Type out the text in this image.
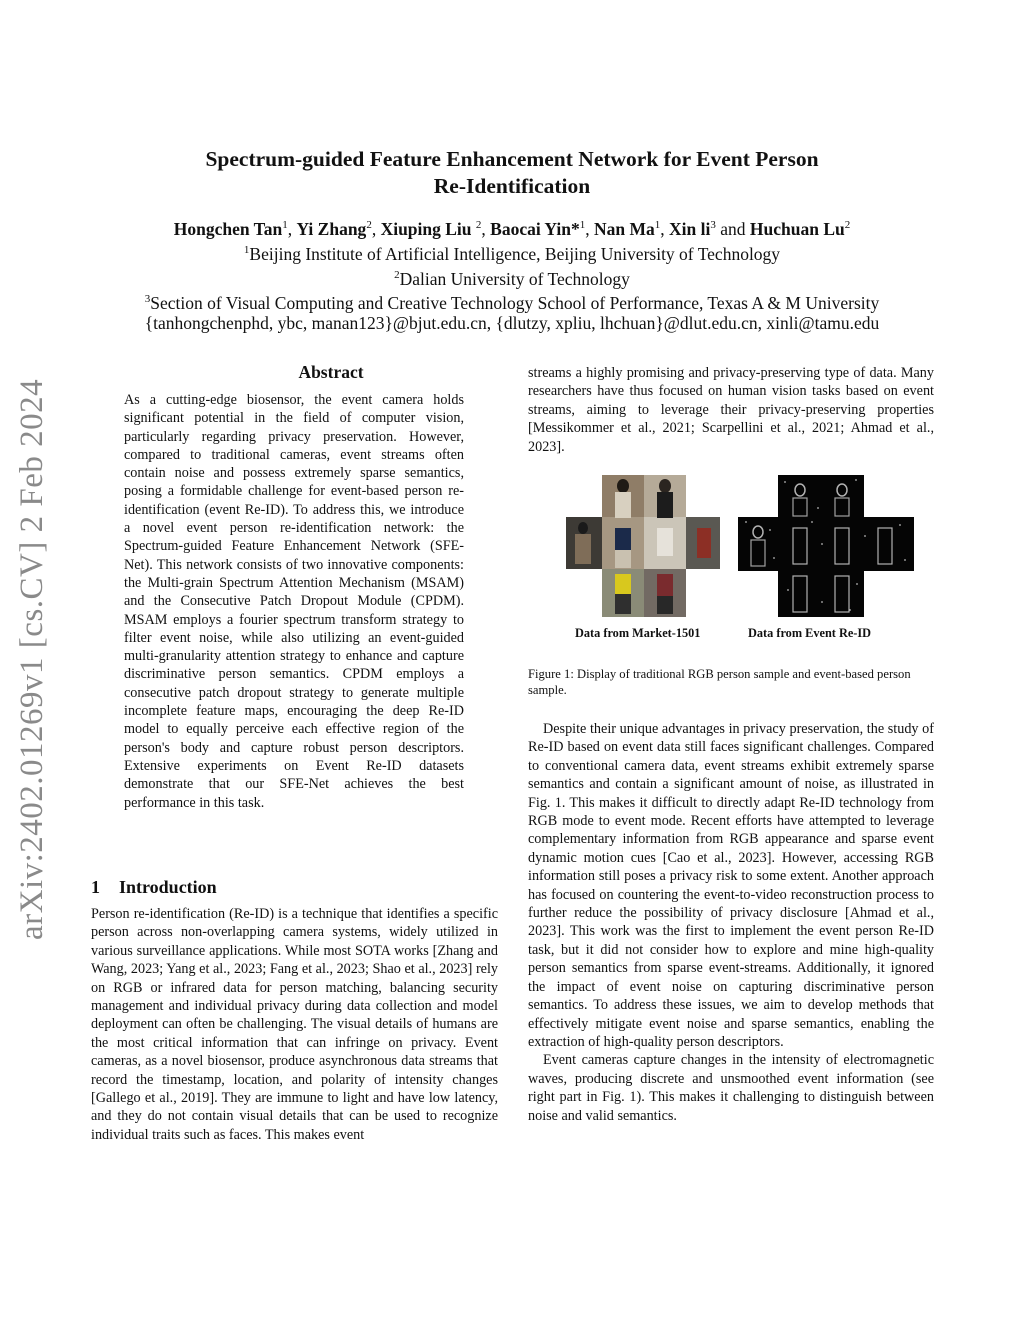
arXiv:2402.01269v1 [cs.CV] 2 Feb 2024
Spectrum-guided Feature Enhancement Network for Event Person
Re-Identification
Hongchen Tan$^1$, Yi Zhang$^2$, Xiuping Liu $^2$, Baocai Yin*$^1$, Nan Ma$^1$, Xin $li^3$ and Huchuan Lu$^2$
$^1$Beijing Institute of Artificial Intelligence, Beijing University of Technology
$^2$Dalian University of Technology
$^3$Section of Visual Computing and Creative Technology School of Performance, Texas A & M University
{tanhongchenphd, ybc, manan123}@bjut.edu.cn, {dlutzy, xpliu, lhchuan}@dlut.edu.cn, xinli@tamu.edu
Abstract

As a cutting-edge biosensor, the event camera holds significant potential in the field of computer vision, particularly regarding privacy preservation. However, compared to traditional cameras, event streams often contain noise and possess extremely sparse semantics, posing a formidable challenge for event-based person re-identification (event Re-ID). To address this, we introduce a novel event person re-identification network: the Spectrum-guided Feature Enhancement Network (SFE-Net). This network consists of two innovative components: the Multi-grain Spectrum Attention Mechanism (MSAM) and the Consecutive Patch Dropout Module (CPDM). MSAM employs a fourier spectrum transform strategy to filter event noise, while also utilizing an event-guided multi-granularity attention strategy to enhance and capture discriminative person semantics. CPDM employs a consecutive patch dropout strategy to generate multiple incomplete feature maps, encouraging the deep Re-ID model to equally perceive each effective region of the person's body and capture robust person descriptors. Extensive experiments on Event Re-ID datasets demonstrate that our SFE-Net achieves the best performance in this task.

1 Introduction

Person re-identification (Re-ID) is a technique that identifies a specific person across non-overlapping camera systems, widely utilized in various surveillance applications. While most SOTA works [Zhang and Wang, 2023; Yang et al., 2023; Fang et al., 2023; Shao et al., 2023] rely on RGB or infrared data for person matching, balancing security management and individual privacy during data collection and model deployment can often be challenging. The visual details of humans are the most critical information that can infringe on privacy. Event cameras, as a novel biosensor, produce asynchronous data streams that record the timestamp, location, and polarity of intensity changes [Gallego et al., 2019]. They are immune to light and have low latency, and they do not contain visual details that can be used to recognize individual traits such as faces. This makes event

streams a highly promising and privacy-preserving type of data. Many researchers have thus focused on human vision tasks based on event streams, aiming to leverage their privacy-preserving properties [Messikommer et al., 2021; Scarpellini et al., 2021; Ahmad et al., 2023].

Data from Market-1501	Data from Event Re-ID
Figure 1: Display of traditional RGB person sample and event-based person sample.

Despite their unique advantages in privacy preservation, the study of Re-ID based on event data still faces significant challenges. Compared to conventional camera data, event streams exhibit extremely sparse semantics and contain a significant amount of noise, as illustrated in Fig. 1. This makes it difficult to directly adapt Re-ID technology from RGB mode to event mode. Recent efforts have attempted to leverage complementary information from RGB appearance and sparse event dynamic motion cues [Cao et al., 2023]. However, accessing RGB information still poses a privacy risk to some extent. Another approach has focused on countering the event-to-video reconstruction process to further reduce the possibility of privacy disclosure [Ahmad et al., 2023]. This work was the first to implement the event person Re-ID task, but it did not consider how to explore and mine high-quality person semantics from sparse event-streams. Additionally, it ignored the impact of event noise on capturing discriminative person semantics. To address these issues, we aim to develop methods that effectively mitigate event noise and sparse semantics, enabling the extraction of high-quality person descriptors.

Event cameras capture changes in the intensity of electromagnetic waves, producing discrete and unsmoothed event information (see right part in Fig. 1). This makes it challenging to distinguish between noise and valid semantics.
